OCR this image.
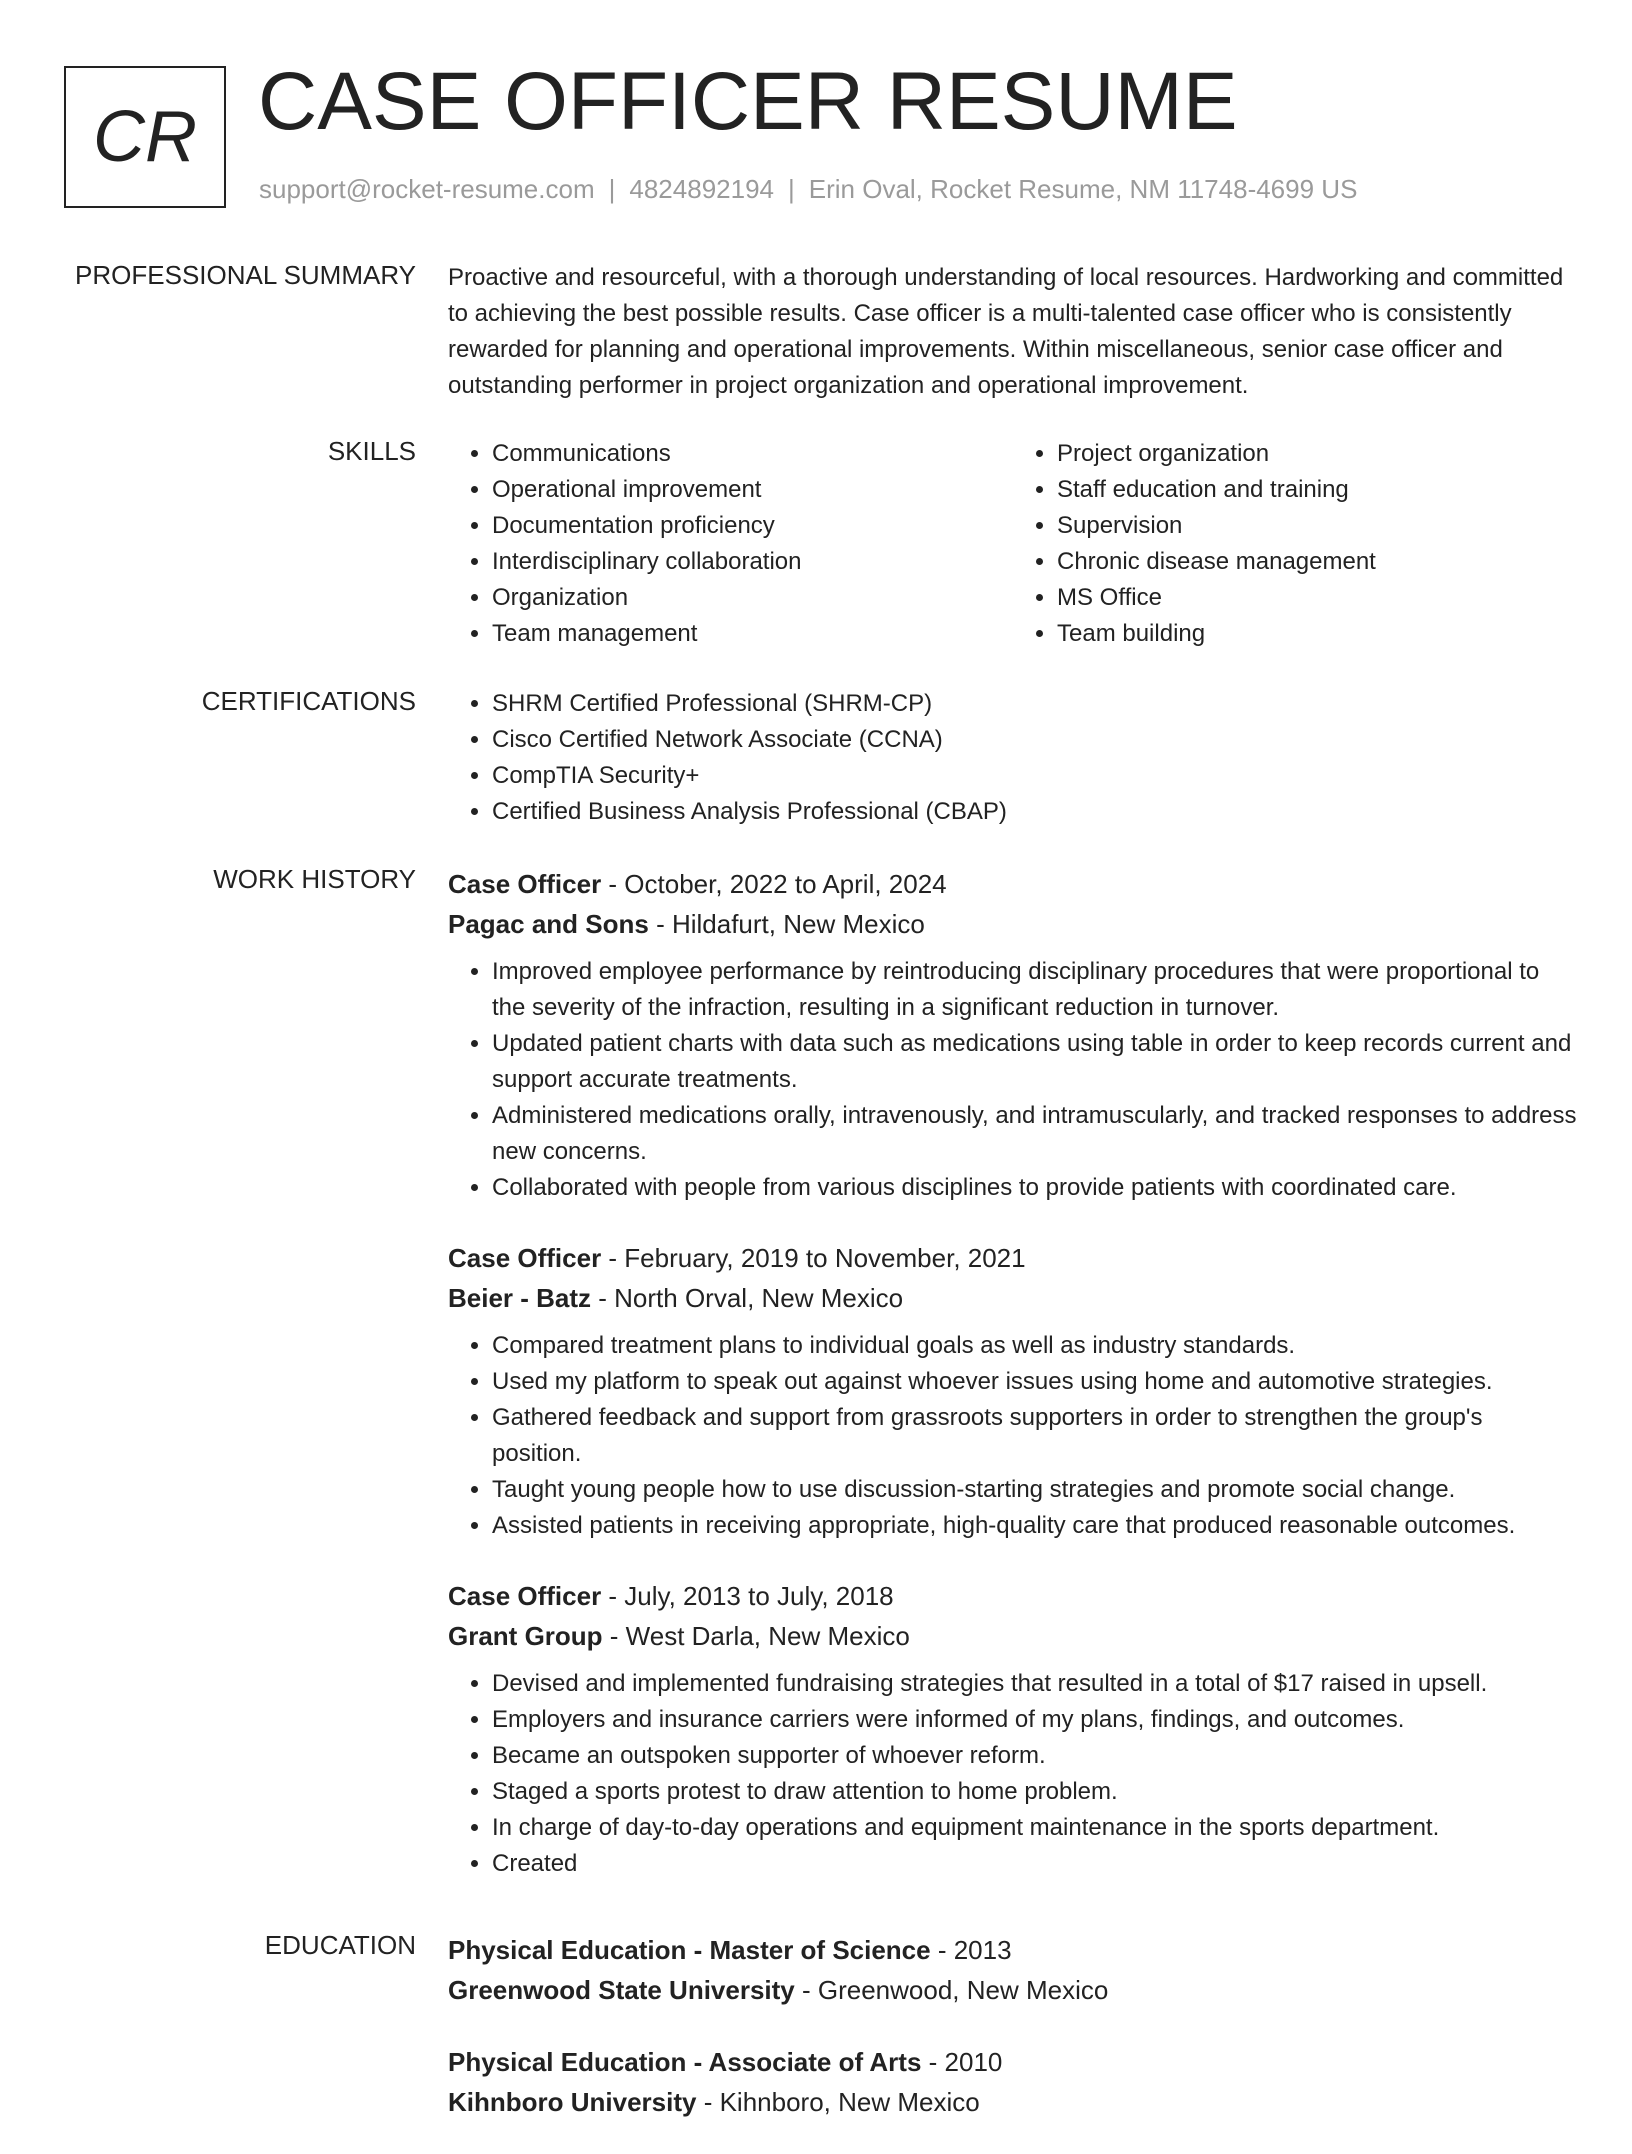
CR CASE OFFICER RESUME
support@rocket-resume.com | 4824892194 | Erin Oval, Rocket Resume, NM 11748-4699 US
PROFESSIONAL SUMMARY Proactive and resourceful, with a thorough understanding of local resources. Hardworking and committed to achieving the best possible results. Case officer is a multi-talented case officer who is consistently rewarded for planning and operational improvements. Within miscellaneous, senior case officer and outstanding performer in project organization and operational improvement.

SKILLS	• Communications
• Operational improvement
• Documentation proficiency
• Interdisciplinary collaboration
• Organization
• Team management
• Project organization
• Staff education and training
• Supervision
• Chronic disease management
• MS Office
• Team building
CERTIFICATIONS	• SHRM Certified Professional (SHRM-CP)
• Cisco Certified Network Associate (CCNA)
• CompTIA Security+
• Certified Business Analysis Professional (CBAP)
WORK HISTORY Case Officer - October, 2022 to April, 2024
Pagac and Sons - Hildafurt, New Mexico
• Improved employee performance by reintroducing disciplinary procedures that were proportional to the severity of the infraction, resulting in a significant reduction in turnover.
• Updated patient charts with data such as medications using table in order to keep records current and support accurate treatments.
• Administered medications orally, intravenously, and intramuscularly, and tracked responses to address new concerns.
• Collaborated with people from various disciplines to provide patients with coordinated care.
Case Officer - February, 2019 to November, 2021
Beier - Batz - North Orval, New Mexico
• Compared treatment plans to individual goals as well as industry standards.
• Used my platform to speak out against whoever issues using home and automotive strategies.
• Gathered feedback and support from grassroots supporters in order to strengthen the group's position.
• Taught young people how to use discussion-starting strategies and promote social change.
• Assisted patients in receiving appropriate, high-quality care that produced reasonable outcomes.
Case Officer - July, 2013 to July, 2018
Grant Group - West Darla, New Mexico
• Devised and implemented fundraising strategies that resulted in a total of $17 raised in upsell.
• Employers and insurance carriers were informed of my plans, findings, and outcomes.
• Became an outspoken supporter of whoever reform.
• Staged a sports protest to draw attention to home problem.
• In charge of day-to-day operations and equipment maintenance in the sports department.
• Created
EDUCATION Physical Education - Master of Science - 2013
Greenwood State University - Greenwood, New Mexico
Physical Education - Associate of Arts - 2010
Kihnboro University - Kihnboro, New Mexico
